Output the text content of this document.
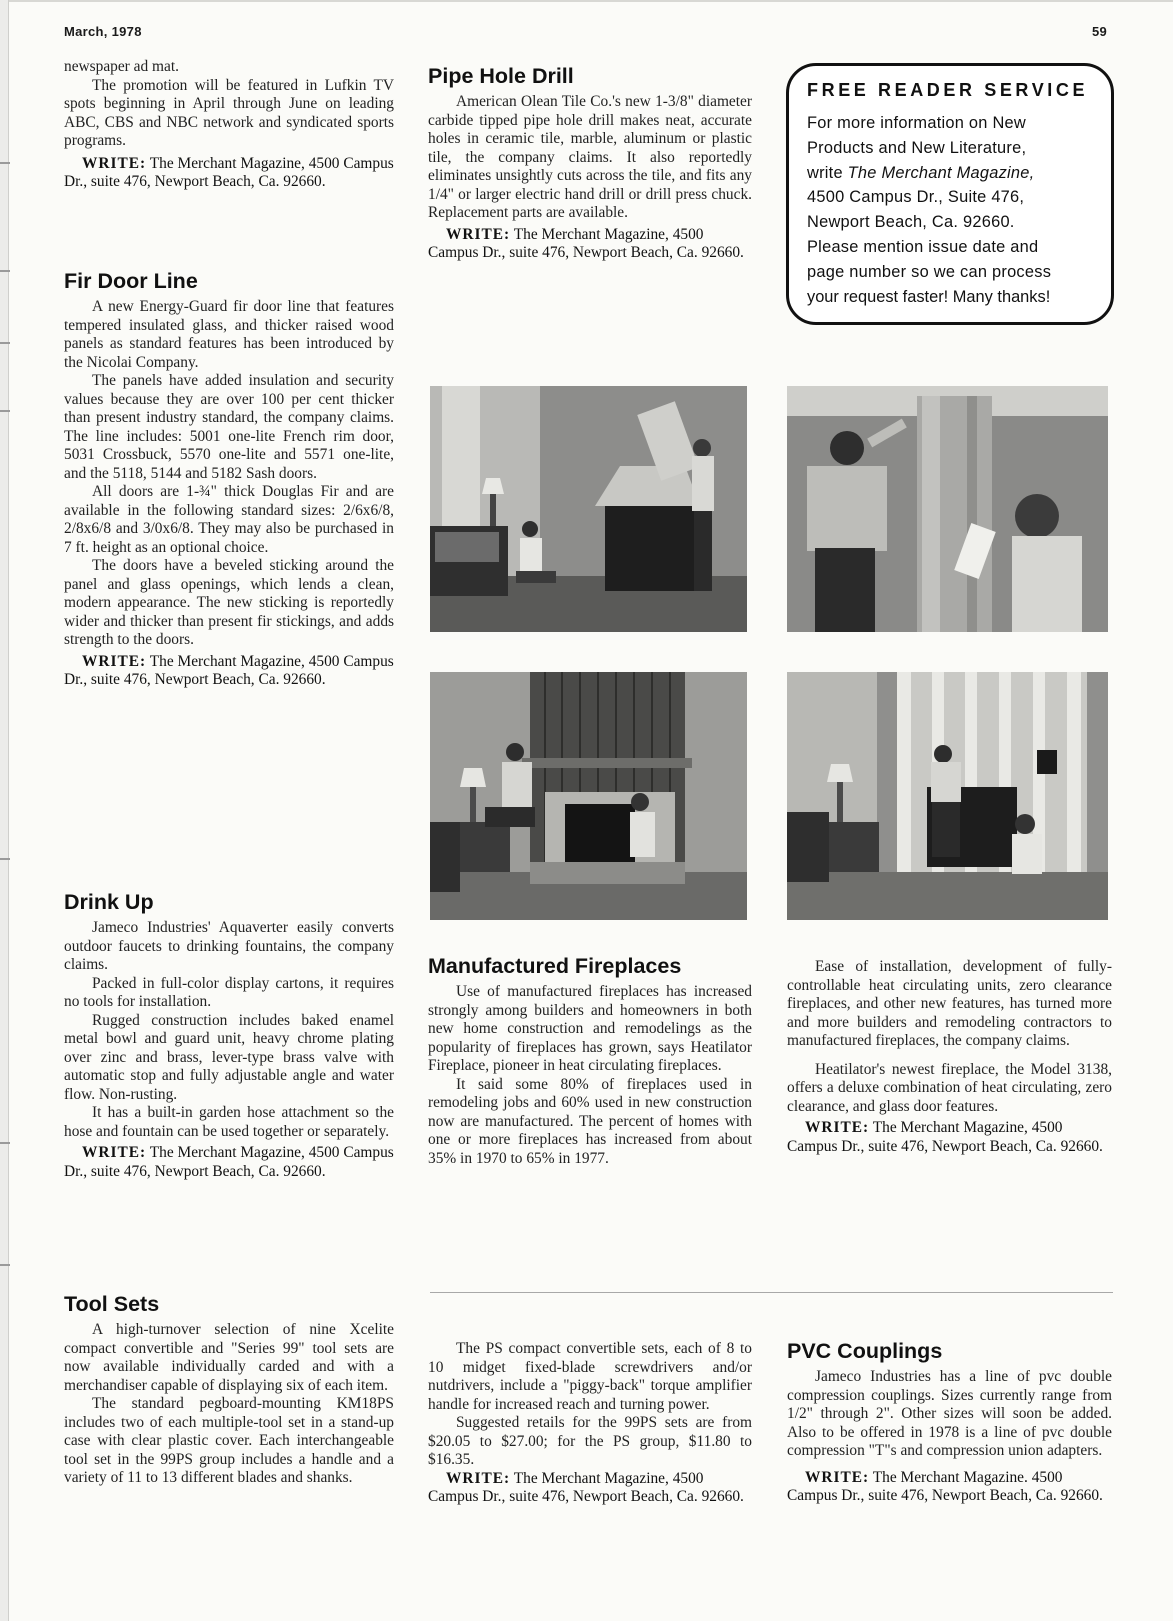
March, 1978	59

newspaper ad mat.

The promotion will be featured in Lufkin TV spots beginning in April through June on leading ABC, CBS and NBC network and syndicated sports programs.

WRITE: The Merchant Magazine, 4500 Campus Dr., suite 476, Newport Beach, Ca. 92660.

Fir Door Line

A new Energy-Guard fir door line that features tempered insulated glass, and thicker raised wood panels as standard features has been introduced by the Nicolai Company.

The panels have added insulation and security values because they are over 100 per cent thicker than present industry standard, the company claims. The line includes: 5001 one-lite French rim door, 5031 Crossbuck, 5570 one-lite and 5571 one-lite, and the 5118, 5144 and 5182 Sash doors.

All doors are 1-¾" thick Douglas Fir and are available in the following standard sizes: 2/6x6/8, 2/8x6/8 and 3/0x6/8. They may also be purchased in 7 ft. height as an optional choice.

The doors have a beveled sticking around the panel and glass openings, which lends a clean, modern appearance. The new sticking is reportedly wider and thicker than present fir stickings, and adds strength to the doors.

WRITE: The Merchant Magazine, 4500 Campus Dr., suite 476, Newport Beach, Ca. 92660.

Drink Up

Jameco Industries' Aquaverter easily converts outdoor faucets to drinking fountains, the company claims.

Packed in full-color display cartons, it requires no tools for installation.

Rugged construction includes baked enamel metal bowl and guard unit, heavy chrome plating over zinc and brass, lever-type brass valve with automatic stop and fully adjustable angle and water flow. Non-rusting.

It has a built-in garden hose attachment so the hose and fountain can be used together or separately.

WRITE: The Merchant Magazine, 4500 Campus Dr., suite 476, Newport Beach, Ca. 92660.

Tool Sets

A high-turnover selection of nine Xcelite compact convertible and "Series 99" tool sets are now available individually carded and with a merchandiser capable of displaying six of each item.

The standard pegboard-mounting KM18PS includes two of each multiple-tool set in a stand-up case with clear plastic cover. Each interchangeable tool set in the 99PS group includes a handle and a variety of 11 to 13 different blades and shanks.

Pipe Hole Drill

American Olean Tile Co.'s new 1-3/8" diameter carbide tipped pipe hole drill makes neat, accurate holes in ceramic tile, marble, aluminum or plastic tile, the company claims. It also reportedly eliminates unsightly cuts across the tile, and fits any 1/4" or larger electric hand drill or drill press chuck. Replacement parts are available.

WRITE: The Merchant Magazine, 4500 Campus Dr., suite 476, Newport Beach, Ca. 92660.

FREE READER SERVICE
For more information on New
Products and New Literature,
write The Merchant Magazine,
4500 Campus Dr., Suite 476,
Newport Beach, Ca. 92660.
Please mention issue date and
page number so we can process
your request faster! Many thanks!
Manufactured Fireplaces

Use of manufactured fireplaces has increased strongly among builders and homeowners in both new home construction and remodelings as the popularity of fireplaces has grown, says Heatilator Fireplace, pioneer in heat circulating fireplaces.

It said some 80% of fireplaces used in remodeling jobs and 60% used in new construction now are manufactured. The percent of homes with one or more fireplaces has increased from about 35% in 1970 to 65% in 1977.

Ease of installation, development of fully-controllable heat circulating units, zero clearance fireplaces, and other new features, has turned more and more builders and remodeling contractors to manufactured fireplaces, the company claims.

Heatilator's newest fireplace, the Model 3138, offers a deluxe combination of heat circulating, zero clearance, and glass door features.

WRITE: The Merchant Magazine, 4500 Campus Dr., suite 476, Newport Beach, Ca. 92660.

The PS compact convertible sets, each of 8 to 10 midget fixed-blade screwdrivers and/or nutdrivers, include a "piggy-back" torque amplifier handle for increased reach and turning power.

Suggested retails for the 99PS sets are from $20.05 to $27.00; for the PS group, $11.80 to $16.35.

WRITE: The Merchant Magazine, 4500 Campus Dr., suite 476, Newport Beach, Ca. 92660.

PVC Couplings

Jameco Industries has a line of pvc double compression couplings. Sizes currently range from 1/2" through 2". Other sizes will soon be added. Also to be offered in 1978 is a line of pvc double compression "T"s and compression union adapters.

WRITE: The Merchant Magazine. 4500 Campus Dr., suite 476, Newport Beach, Ca. 92660.
